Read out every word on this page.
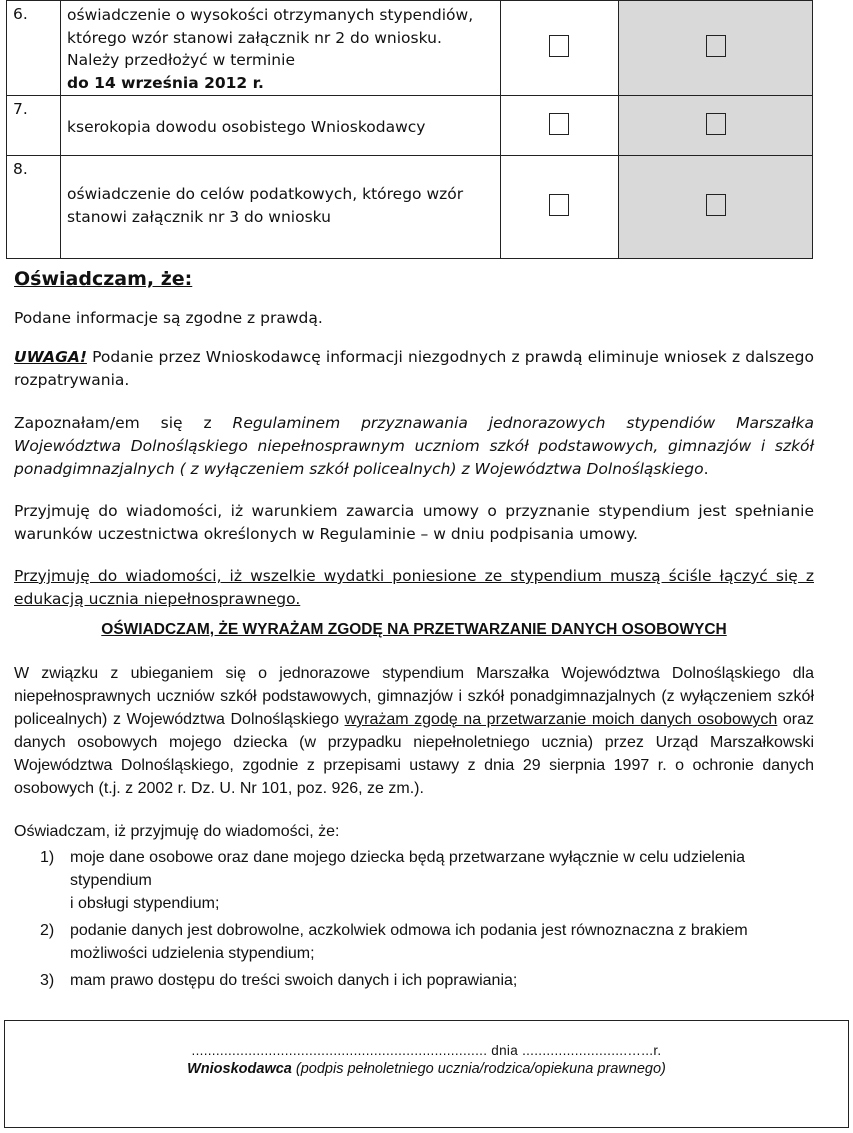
6.	oświadczenie o wysokości otrzymanych stypendiów, którego wzór stanowi załącznik nr 2 do wniosku. Należy przedłożyć w terminie
do 14 września 2012 r.		
7.	kserokopia dowodu osobistego Wnioskodawcy		
8.	oświadczenie do celów podatkowych, którego wzór stanowi załącznik nr 3 do wniosku		
Oświadczam, że:
Podane informacje są zgodne z prawdą.
UWAGA! Podanie przez Wnioskodawcę informacji niezgodnych z prawdą eliminuje wniosek z dalszego rozpatrywania.
Zapoznałam/em się z Regulaminem przyznawania jednorazowych stypendiów Marszałka Województwa Dolnośląskiego niepełnosprawnym uczniom szkół podstawowych, gimnazjów i szkół ponadgimnazjalnych ( z wyłączeniem szkół policealnych) z Województwa Dolnośląskiego.
Przyjmuję do wiadomości, iż warunkiem zawarcia umowy o przyznanie stypendium jest spełnianie warunków uczestnictwa określonych w Regulaminie – w dniu podpisania umowy.
Przyjmuję do wiadomości, iż wszelkie wydatki poniesione ze stypendium muszą ściśle łączyć się z edukacją ucznia niepełnosprawnego.
OŚWIADCZAM, ŻE WYRAŻAM ZGODĘ NA PRZETWARZANIE DANYCH OSOBOWYCH
W związku z ubieganiem się o jednorazowe stypendium Marszałka Województwa Dolnośląskiego dla niepełnosprawnych uczniów szkół podstawowych, gimnazjów i szkół ponadgimnazjalnych (z wyłączeniem szkół policealnych) z Województwa Dolnośląskiego wyrażam zgodę na przetwarzanie moich danych osobowych oraz danych osobowych mojego dziecka (w przypadku niepełnoletniego ucznia) przez Urząd Marszałkowski Województwa Dolnośląskiego, zgodnie z przepisami ustawy z dnia 29 sierpnia 1997 r. o ochronie danych osobowych (t.j. z 2002 r. Dz. U. Nr 101, poz. 926, ze zm.).
Oświadczam, iż przyjmuję do wiadomości, że:
1) moje dane osobowe oraz dane mojego dziecka będą przetwarzane wyłącznie w celu udzielenia
stypendium
i obsługi stypendium;
2) podanie danych jest dobrowolne, aczkolwiek odmowa ich podania jest równoznaczna z brakiem
możliwości udzielenia stypendium;
3) mam prawo dostępu do treści swoich danych i ich poprawiania;
......................................................................... dnia ..........................…...r.
Wnioskodawca (podpis pełnoletniego ucznia/rodzica/opiekuna prawnego)
